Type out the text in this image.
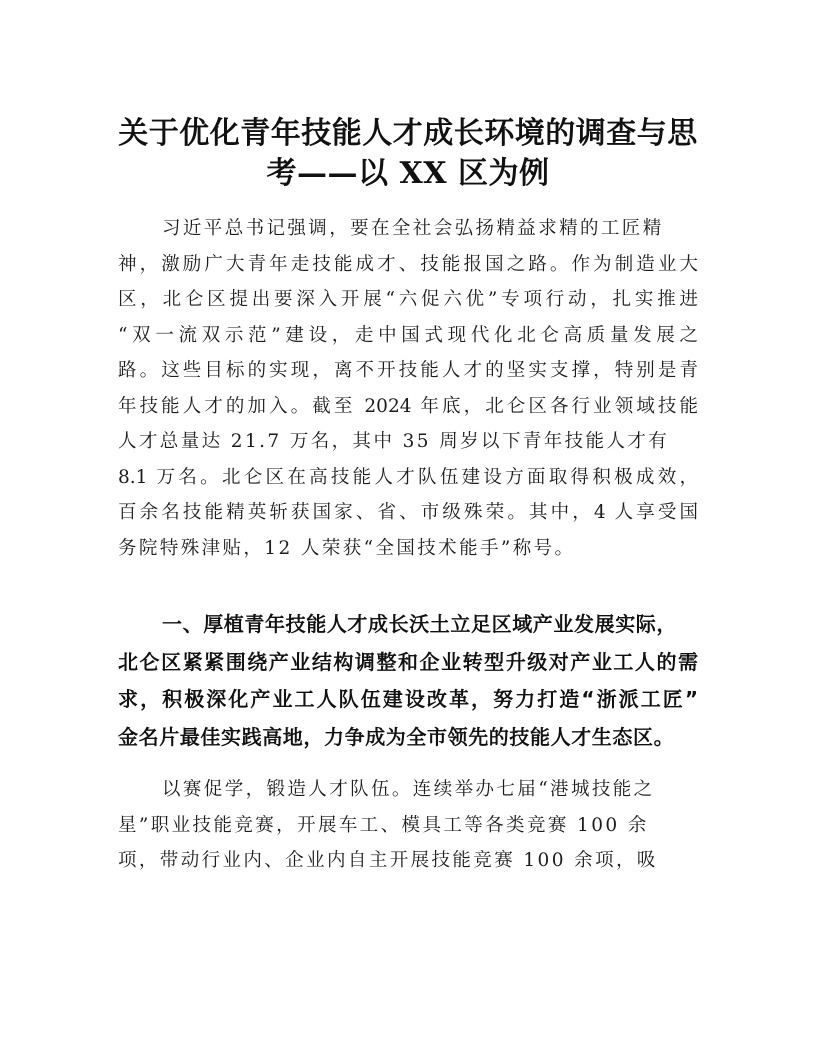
关于优化青年技能人才成长环境的调查与思
考——以 XX 区为例
习近平总书记强调，要在全社会弘扬精益求精的工匠精
神，激励广大青年走技能成才、技能报国之路。作为制造业大
区，北仑区提出要深入开展“六促六优”专项行动，扎实推进
“双一流双示范”建设，走中国式现代化北仑高质量发展之
路。这些目标的实现，离不开技能人才的坚实支撑，特别是青
年技能人才的加入。截至 2024 年底，北仑区各行业领域技能
人才总量达 21.7 万名，其中 35 周岁以下青年技能人才有
8.1 万名。北仑区在高技能人才队伍建设方面取得积极成效，
百余名技能精英斩获国家、省、市级殊荣。其中，4 人享受国
务院特殊津贴，12 人荣获“全国技术能手”称号。
一、厚植青年技能人才成长沃土立足区域产业发展实际，
北仑区紧紧围绕产业结构调整和企业转型升级对产业工人的需
求，积极深化产业工人队伍建设改革，努力打造“浙派工匠”
金名片最佳实践高地，力争成为全市领先的技能人才生态区。
以赛促学，锻造人才队伍。连续举办七届“港城技能之
星”职业技能竞赛，开展车工、模具工等各类竞赛 100 余
项，带动行业内、企业内自主开展技能竞赛 100 余项，吸
